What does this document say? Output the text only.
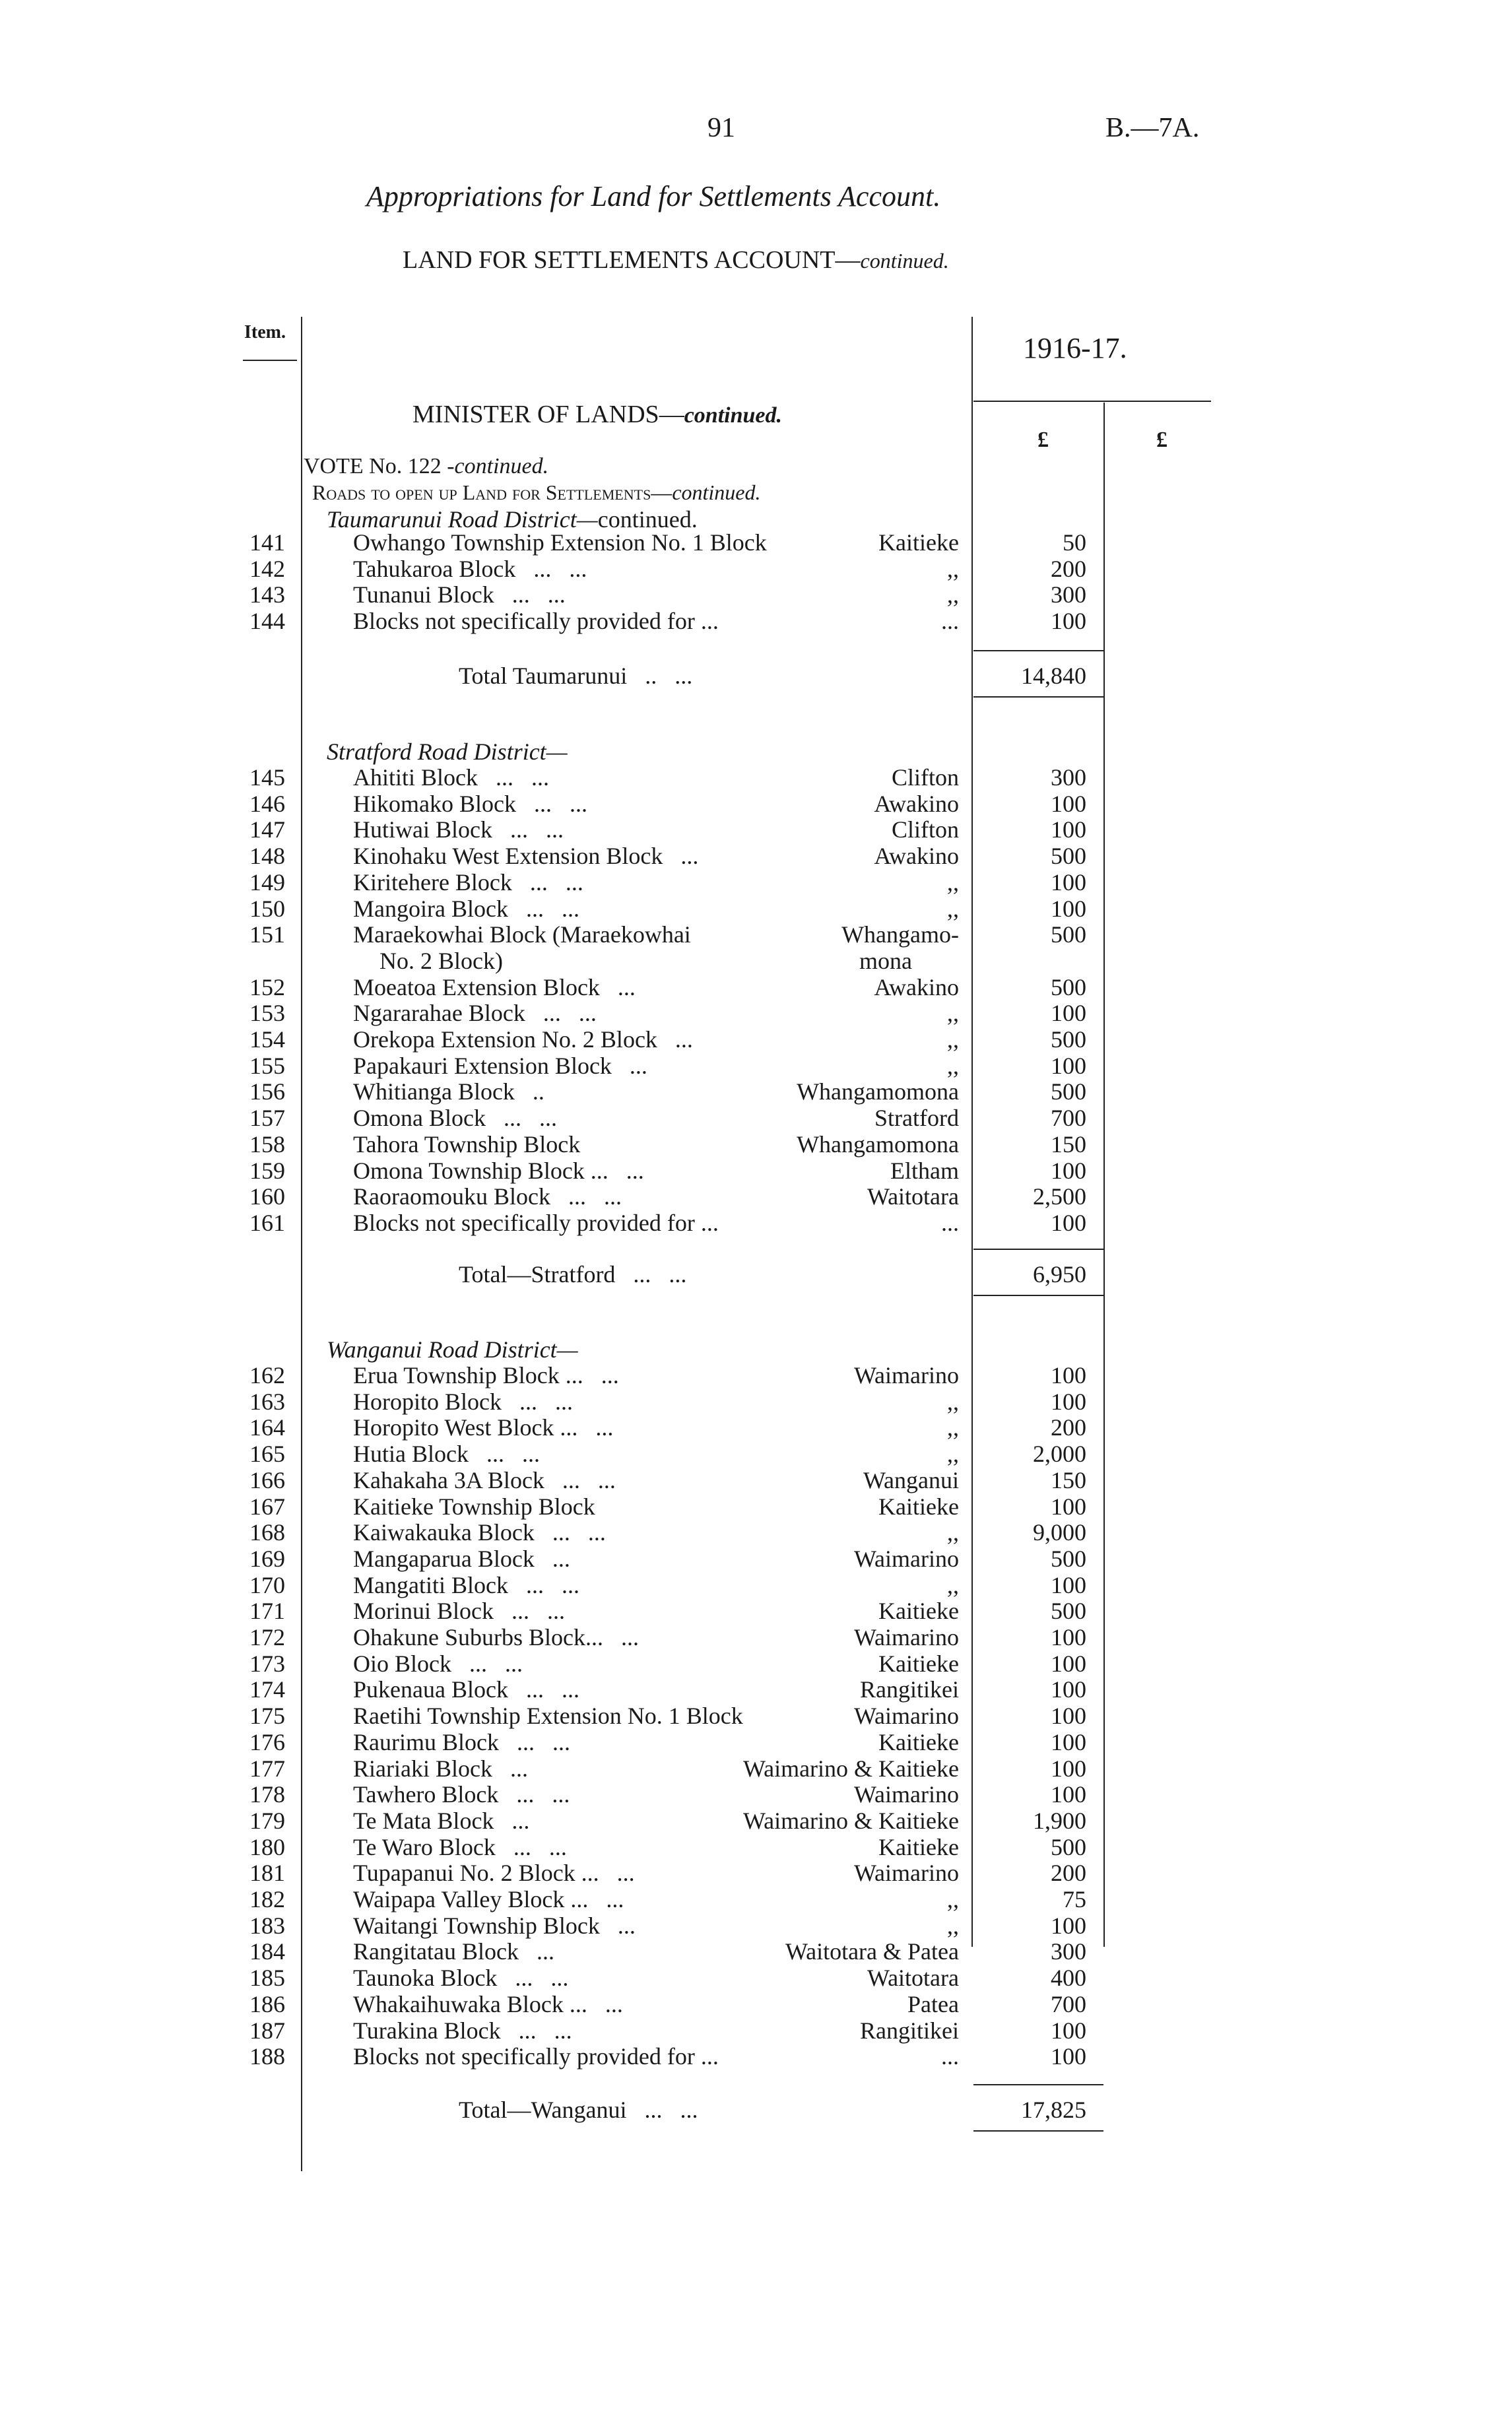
91	B.—7A.
Appropriations for Land for Settlements Account.
LAND FOR SETTLEMENTS ACCOUNT—continued.
Item.	1916-17.
£	£
MINISTER OF LANDS—continued.
VOTE No. 122 -continued.
Roads to open up Land for Settlements—continued.
Taumarunui Road District—continued.
141	Owhango Township Extension No. 1 Block	Kaitieke	50
142	Tahukaroa Block   ...   ...	,,	200
143	Tunanui Block   ...   ...	,,	300
144	Blocks not specifically provided for ...	...	100
Total Taumarunui   ..   ...	14,840
Stratford Road District—
145	Ahititi Block   ...   ...	Clifton	300
146	Hikomako Block   ...   ...	Awakino	100
147	Hutiwai Block   ...   ...	Clifton	100
148	Kinohaku West Extension Block   ...	Awakino	500
149	Kiritehere Block   ...   ...	,,	100
150	Mangoira Block   ...   ...	,,	100
151	Maraekowhai Block (Maraekowhai	Whangamo-	500
No. 2 Block)	mona
152	Moeatoa Extension Block   ...	Awakino	500
153	Ngararahae Block   ...   ...	,,	100
154	Orekopa Extension No. 2 Block   ...	,,	500
155	Papakauri Extension Block   ...	,,	100
156	Whitianga Block   ..	Whangamomona	500
157	Omona Block   ...   ...	Stratford	700
158	Tahora Township Block	Whangamomona	150
159	Omona Township Block ...   ...	Eltham	100
160	Raoraomouku Block   ...   ...	Waitotara	2,500
161	Blocks not specifically provided for ...	...	100
Total—Stratford   ...   ...	6,950
Wanganui Road District—
162	Erua Township Block ...   ...	Waimarino	100
163	Horopito Block   ...   ...	,,	100
164	Horopito West Block ...   ...	,,	200
165	Hutia Block   ...   ...	,,	2,000
166	Kahakaha 3A Block   ...   ...	Wanganui	150
167	Kaitieke Township Block	Kaitieke	100
168	Kaiwakauka Block   ...   ...	,,	9,000
169	Mangaparua Block   ...	Waimarino	500
170	Mangatiti Block   ...   ...	,,	100
171	Morinui Block   ...   ...	Kaitieke	500
172	Ohakune Suburbs Block...   ...	Waimarino	100
173	Oio Block   ...   ...	Kaitieke	100
174	Pukenaua Block   ...   ...	Rangitikei	100
175	Raetihi Township Extension No. 1 Block	Waimarino	100
176	Raurimu Block   ...   ...	Kaitieke	100
177	Riariaki Block   ...	Waimarino & Kaitieke	100
178	Tawhero Block   ...   ...	Waimarino	100
179	Te Mata Block   ...	Waimarino & Kaitieke	1,900
180	Te Waro Block   ...   ...	Kaitieke	500
181	Tupapanui No. 2 Block ...   ...	Waimarino	200
182	Waipapa Valley Block ...   ...	,,	75
183	Waitangi Township Block   ...	,,	100
184	Rangitatau Block   ...	Waitotara & Patea	300
185	Taunoka Block   ...   ...	Waitotara	400
186	Whakaihuwaka Block ...   ...	Patea	700
187	Turakina Block   ...   ...	Rangitikei	100
188	Blocks not specifically provided for ...	...	100
Total—Wanganui   ...   ...	17,825
